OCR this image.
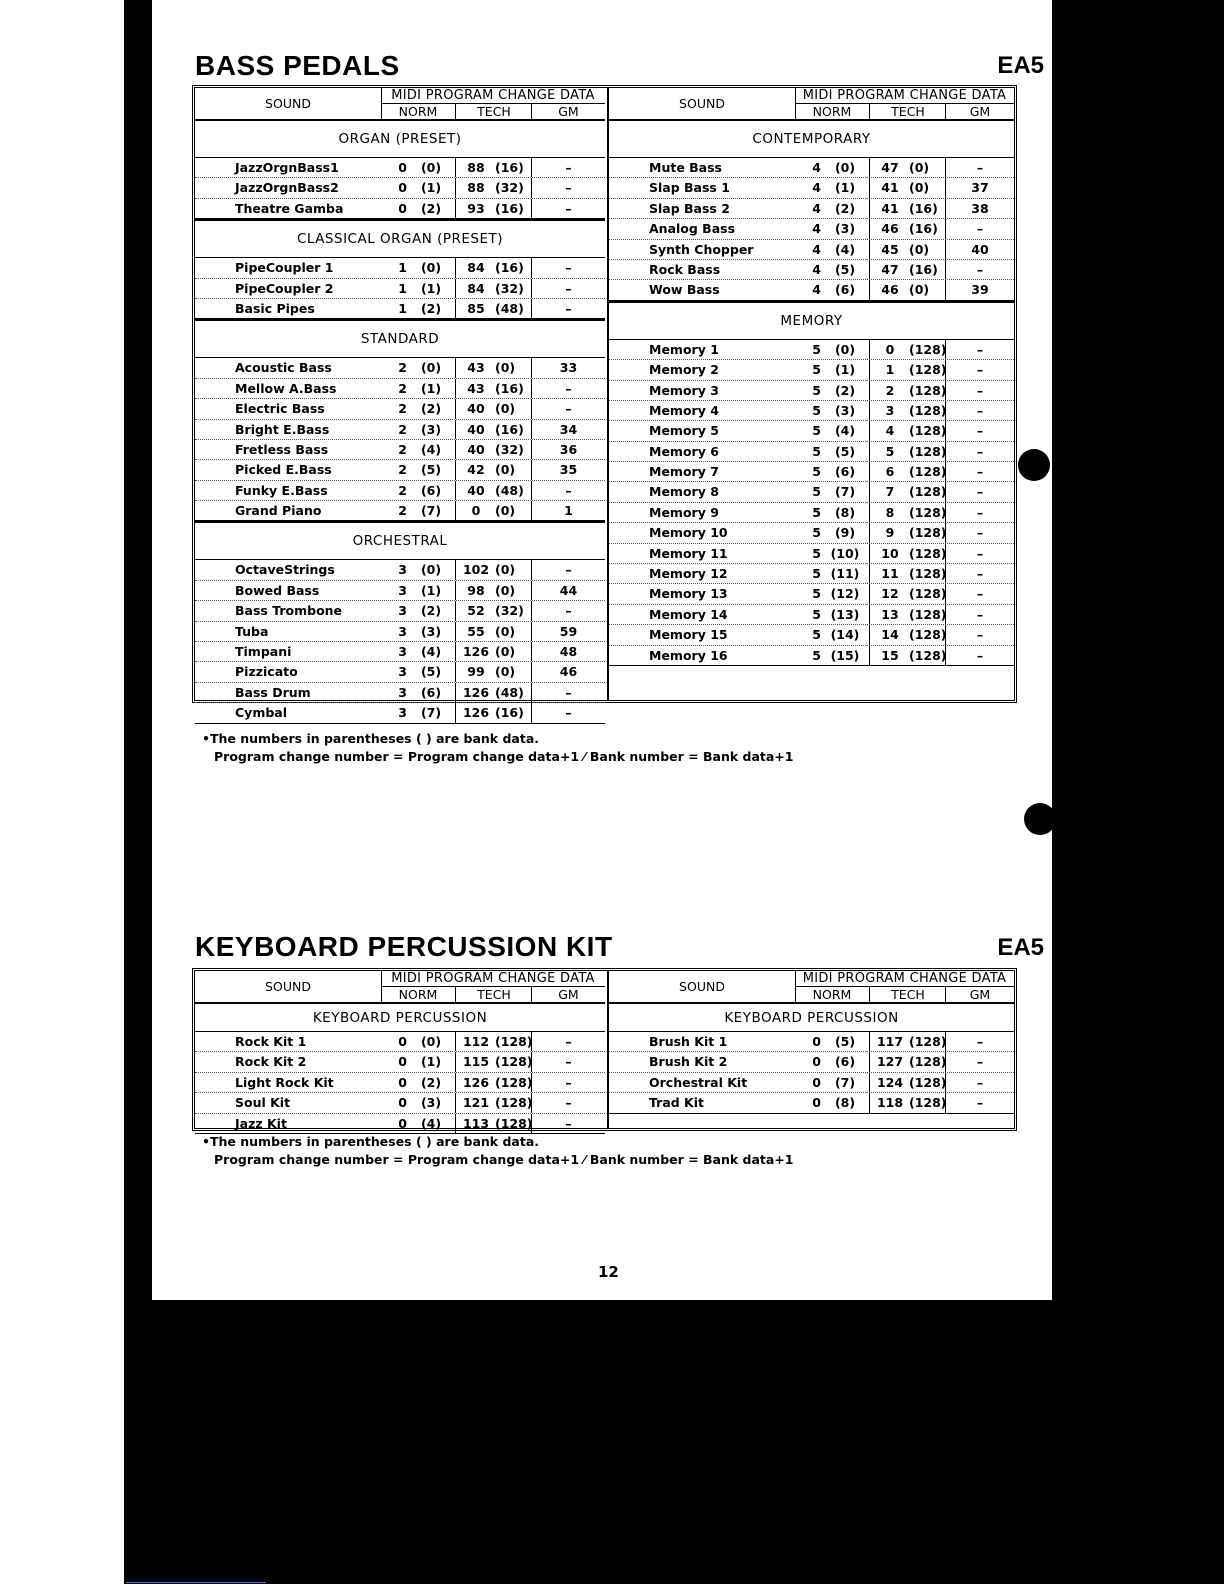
BASS PEDALS	EA5
SOUND
MIDI PROGRAM CHANGE DATA
NORM	TECH	GM
ORGAN (PRESET)
JazzOrgnBass1	0	(0)	88 (16)	–
JazzOrgnBass2	0	(1)	88 (32)	–
Theatre Gamba	0	(2)	93 (16)	–
CLASSICAL ORGAN (PRESET)
PipeCoupler 1	1	(0)	84 (16)	–
PipeCoupler 2	1	(1)	84 (32)	–
Basic Pipes	1	(2)	85 (48)	–
STANDARD
Acoustic Bass	2	(0)	43 (0)	33
Mellow A.Bass	2	(1)	43 (16)	–
Electric Bass	2	(2)	40 (0)	–
Bright E.Bass	2	(3)	40 (16)	34
Fretless Bass	2	(4)	40 (32)	36
Picked E.Bass	2	(5)	42 (0)	35
Funky E.Bass	2	(6)	40 (48)	–
Grand Piano	2	(7)	0	(0)	1
ORCHESTRAL
OctaveStrings	3	(0)	102 (0)	–
Bowed Bass	3	(1)	98 (0)	44
Bass Trombone	3	(2)	52 (32)	–
Tuba	3	(3)	55 (0)	59
Timpani	3	(4)	126 (0)	48
Pizzicato	3	(5)	99 (0)	46
Bass Drum	3	(6)	126 (48)	–
Cymbal	3	(7)	126 (16)	–
SOUND
MIDI PROGRAM CHANGE DATA
NORM	TECH	GM
CONTEMPORARY
Mute Bass	4	(0)	47 (0)	–
Slap Bass 1	4	(1)	41 (0)	37
Slap Bass 2	4	(2)	41 (16)	38
Analog Bass	4	(3)	46 (16)	–
Synth Chopper	4	(4)	45 (0)	40
Rock Bass	4	(5)	47 (16)	–
Wow Bass	4	(6)	46 (0)	39
MEMORY
Memory 1	5	(0)	0	(128)	–
Memory 2	5	(1)	1	(128)	–
Memory 3	5	(2)	2	(128)	–
Memory 4	5	(3)	3	(128)	–
Memory 5	5	(4)	4	(128)	–
Memory 6	5	(5)	5	(128)	–
Memory 7	5	(6)	6	(128)	–
Memory 8	5	(7)	7	(128)	–
Memory 9	5	(8)	8	(128)	–
Memory 10	5	(9)	9	(128)	–
Memory 11	5 (10)	10 (128)	–
Memory 12	5 (11)	11 (128)	–
Memory 13	5 (12)	12 (128)	–
Memory 14	5 (13)	13 (128)	–
Memory 15	5 (14)	14 (128)	–
Memory 16	5 (15)	15 (128)	–
•The numbers in parentheses ( ) are bank data.
Program change number = Program change data+1 ⁄ Bank number = Bank data+1
KEYBOARD PERCUSSION KIT	EA5
SOUND
MIDI PROGRAM CHANGE DATA
NORM	TECH	GM
KEYBOARD PERCUSSION
Rock Kit 1	0	(0)	112 (128)	–
Rock Kit 2	0	(1)	115 (128)	–
Light Rock Kit	0	(2)	126 (128)	–
Soul Kit	0	(3)	121 (128)	–
Jazz Kit	0	(4)	113 (128)	–
SOUND
MIDI PROGRAM CHANGE DATA
NORM	TECH	GM
KEYBOARD PERCUSSION
Brush Kit 1	0	(5)	117 (128)	–
Brush Kit 2	0	(6)	127 (128)	–
Orchestral Kit	0	(7)	124 (128)	–
Trad Kit	0	(8)	118 (128)	–
•The numbers in parentheses ( ) are bank data.
Program change number = Program change data+1 ⁄ Bank number = Bank data+1
12
